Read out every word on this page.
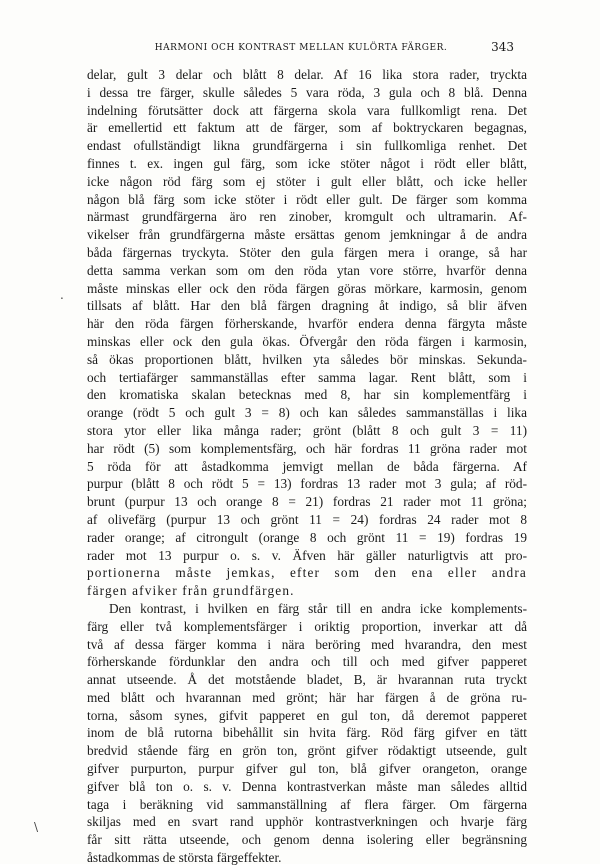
HARMONI OCH KONTRAST MELLAN KULÖRTA FÄRGER.	343
.
\
delar, gult 3 delar och blått 8 delar. Af 16 lika stora rader, tryckta
i dessa tre färger, skulle således 5 vara röda, 3 gula och 8 blå. Denna
indelning förutsätter dock att färgerna skola vara fullkomligt rena. Det
är emellertid ett faktum att de färger, som af boktryckaren begagnas,
endast ofullständigt likna grundfärgerna i sin fullkomliga renhet. Det
finnes t. ex. ingen gul färg, som icke stöter något i rödt eller blått,
icke någon röd färg som ej stöter i gult eller blått, och icke heller
någon blå färg som icke stöter i rödt eller gult. De färger som komma
närmast grundfärgerna äro ren zinober, kromgult och ultramarin. Af-
vikelser från grundfärgerna måste ersättas genom jemkningar å de andra
båda färgernas tryckyta. Stöter den gula färgen mera i orange, så har
detta samma verkan som om den röda ytan vore större, hvarför denna
måste minskas eller ock den röda färgen göras mörkare, karmosin, genom
tillsats af blått. Har den blå färgen dragning åt indigo, så blir äfven
här den röda färgen förherskande, hvarför endera denna färgyta måste
minskas eller ock den gula ökas. Öfvergår den röda färgen i karmosin,
så ökas proportionen blått, hvilken yta således bör minskas. Sekunda-
och tertiafärger sammanställas efter samma lagar. Rent blått, som i
den kromatiska skalan betecknas med 8, har sin komplementfärg i
orange (rödt 5 och gult 3 = 8) och kan således sammanställas i lika
stora ytor eller lika många rader; grönt (blått 8 och gult 3 = 11)
har rödt (5) som komplementsfärg, och här fordras 11 gröna rader mot
5 röda för att åstadkomma jemvigt mellan de båda färgerna. Af
purpur (blått 8 och rödt 5 = 13) fordras 13 rader mot 3 gula; af röd-
brunt (purpur 13 och orange 8 = 21) fordras 21 rader mot 11 gröna;
af olivefärg (purpur 13 och grönt 11 = 24) fordras 24 rader mot 8
rader orange; af citrongult (orange 8 och grönt 11 = 19) fordras 19
rader mot 13 purpur o. s. v. Äfven här gäller naturligtvis att pro-
portionerna måste jemkas, efter som den ena eller andra
färgen afviker från grundfärgen.
Den kontrast, i hvilken en färg står till en andra icke komplements-
färg eller två komplementsfärger i oriktig proportion, inverkar att då
två af dessa färger komma i nära beröring med hvarandra, den mest
förherskande fördunklar den andra och till och med gifver papperet
annat utseende. Å det motstående bladet, B, är hvarannan ruta tryckt
med blått och hvarannan med grönt; här har färgen å de gröna ru-
torna, såsom synes, gifvit papperet en gul ton, då deremot papperet
inom de blå rutorna bibehållit sin hvita färg. Röd färg gifver en tätt
bredvid stående färg en grön ton, grönt gifver rödaktigt utseende, gult
gifver purpurton, purpur gifver gul ton, blå gifver orangeton, orange
gifver blå ton o. s. v. Denna kontrastverkan måste man således alltid
taga i beräkning vid sammanställning af flera färger. Om färgerna
skiljas med en svart rand upphör kontrastverkningen och hvarje färg
får sitt rätta utseende, och genom denna isolering eller begränsning
åstadkommas de största färgeffekter.
